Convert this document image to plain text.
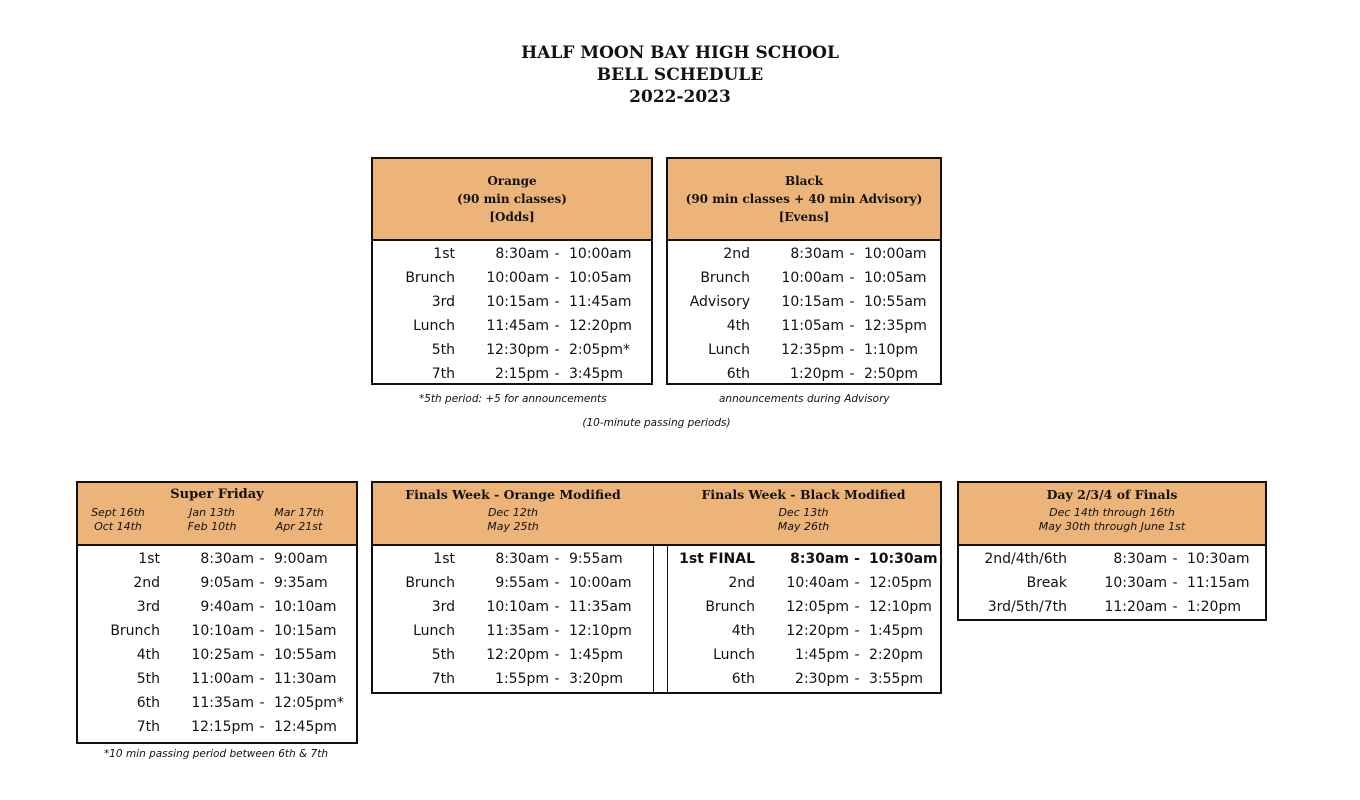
HALF MOON BAY HIGH SCHOOL
BELL SCHEDULE
2022-2023
Orange
(90 min classes)
[Odds]
1st	8:30am - 10:00am
Brunch 10:00am - 10:05am
3rd 10:15am - 11:45am
Lunch 11:45am - 12:20pm
5th 12:30pm - 2:05pm*
7th	2:15pm - 3:45pm
Black
(90 min classes + 40 min Advisory)
[Evens]
2nd	8:30am - 10:00am
Brunch 10:00am - 10:05am
Advisory 10:15am - 10:55am
4th 11:05am - 12:35pm
Lunch 12:35pm - 1:10pm
6th	1:20pm - 2:50pm
*5th period: +5 for announcements	announcements during Advisory
(10-minute passing periods)
Super Friday
Sept 16th
Oct 14th
Jan 13th
Feb 10th
Mar 17th
Apr 21st
1st	8:30am - 9:00am
2nd	9:05am - 9:35am
3rd	9:40am - 10:10am
Brunch 10:10am - 10:15am
4th 10:25am - 10:55am
5th 11:00am - 11:30am
6th 11:35am - 12:05pm*
7th 12:15pm - 12:45pm
*10 min passing period between 6th & 7th
Finals Week - Orange Modified
Dec 12th
May 25th
1st	8:30am - 9:55am
Brunch	9:55am - 10:00am
3rd 10:10am - 11:35am
Lunch 11:35am - 12:10pm
5th 12:20pm - 1:45pm
7th	1:55pm - 3:20pm
Finals Week - Black Modified
Dec 13th
May 26th
1st FINAL	8:30am - 10:30am
2nd 10:40am - 12:05pm
Brunch 12:05pm - 12:10pm
4th 12:20pm - 1:45pm
Lunch	1:45pm - 2:20pm
6th	2:30pm - 3:55pm
Day 2/3/4 of Finals
Dec 14th through 16th
May 30th through June 1st
2nd/4th/6th	8:30am - 10:30am
Break	10:30am - 11:15am
3rd/5th/7th	11:20am - 1:20pm
